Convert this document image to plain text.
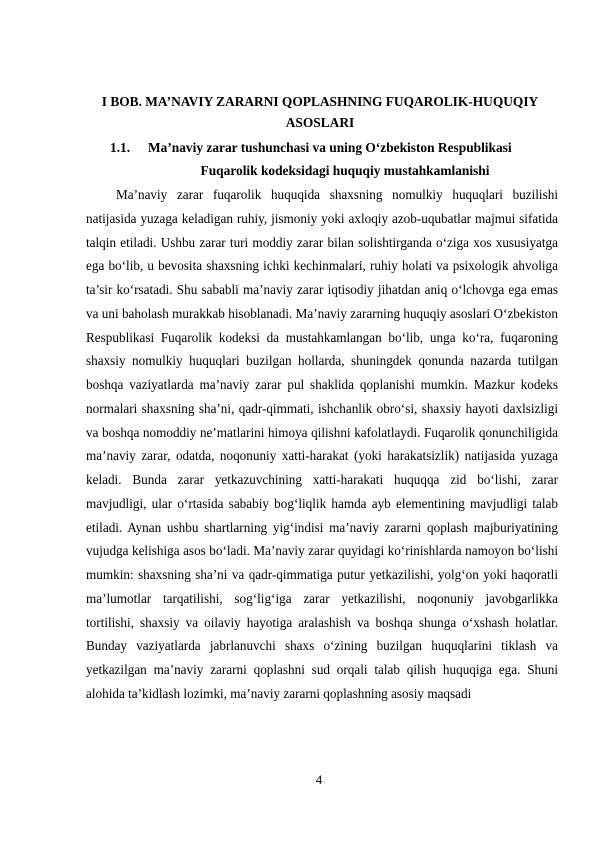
I BOB. MA’NAVIY ZARARNI QOPLASHNING FUQAROLIK-HUQUQIY ASOSLARI
1.1. Ma’naviy zarar tushunchasi va uning O‘zbekiston Respublikasi
Fuqarolik kodeksidagi huquqiy mustahkamlanishi

Ma’naviy zarar fuqarolik huquqida shaxsning nomulkiy huquqlari buzilishi natijasida yuzaga keladigan ruhiy, jismoniy yoki axloqiy azob-uqubatlar majmui sifatida talqin etiladi. Ushbu zarar turi moddiy zarar bilan solishtirganda o‘ziga xos xususiyatga ega bo‘lib, u bevosita shaxsning ichki kechinmalari, ruhiy holati va psixologik ahvoliga ta’sir ko‘rsatadi. Shu sababli ma’naviy zarar iqtisodiy jihatdan aniq o‘lchovga ega emas va uni baholash murakkab hisoblanadi. Ma’naviy zararning huquqiy asoslari O‘zbekiston Respublikasi Fuqarolik kodeksi da mustahkamlangan bo‘lib, unga ko‘ra, fuqaroning shaxsiy nomulkiy huquqlari buzilgan hollarda, shuningdek qonunda nazarda tutilgan boshqa vaziyatlarda ma’naviy zarar pul shaklida qoplanishi mumkin. Mazkur kodeks normalari shaxsning sha’ni, qadr-qimmati, ishchanlik obro‘si, shaxsiy hayoti daxlsizligi va boshqa nomoddiy ne’matlarini himoya qilishni kafolatlaydi. Fuqarolik qonunchiligida ma’naviy zarar, odatda, noqonuniy xatti-harakat (yoki harakatsizlik) natijasida yuzaga keladi. Bunda zarar yetkazuvchining xatti-harakati huquqqa zid bo‘lishi, zarar mavjudligi, ular o‘rtasida sababiy bog‘liqlik hamda ayb elementining mavjudligi talab etiladi. Aynan ushbu shartlarning yig‘indisi ma’naviy zararni qoplash majburiyatining vujudga kelishiga asos bo‘ladi. Ma’naviy zarar quyidagi ko‘rinishlarda namoyon bo‘lishi mumkin: shaxsning sha’ni va qadr-qimmatiga putur yetkazilishi, yolg‘on yoki haqoratli ma’lumotlar tarqatilishi, sog‘lig‘iga zarar yetkazilishi, noqonuniy javobgarlikka tortilishi, shaxsiy va oilaviy hayotiga aralashish va boshqa shunga o‘xshash holatlar. Bunday vaziyatlarda jabrlanuvchi shaxs o‘zining buzilgan huquqlarini tiklash va yetkazilgan ma’naviy zararni qoplashni sud orqali talab qilish huquqiga ega. Shuni alohida ta’kidlash lozimki, ma’naviy zararni qoplashning asosiy maqsadi

4
